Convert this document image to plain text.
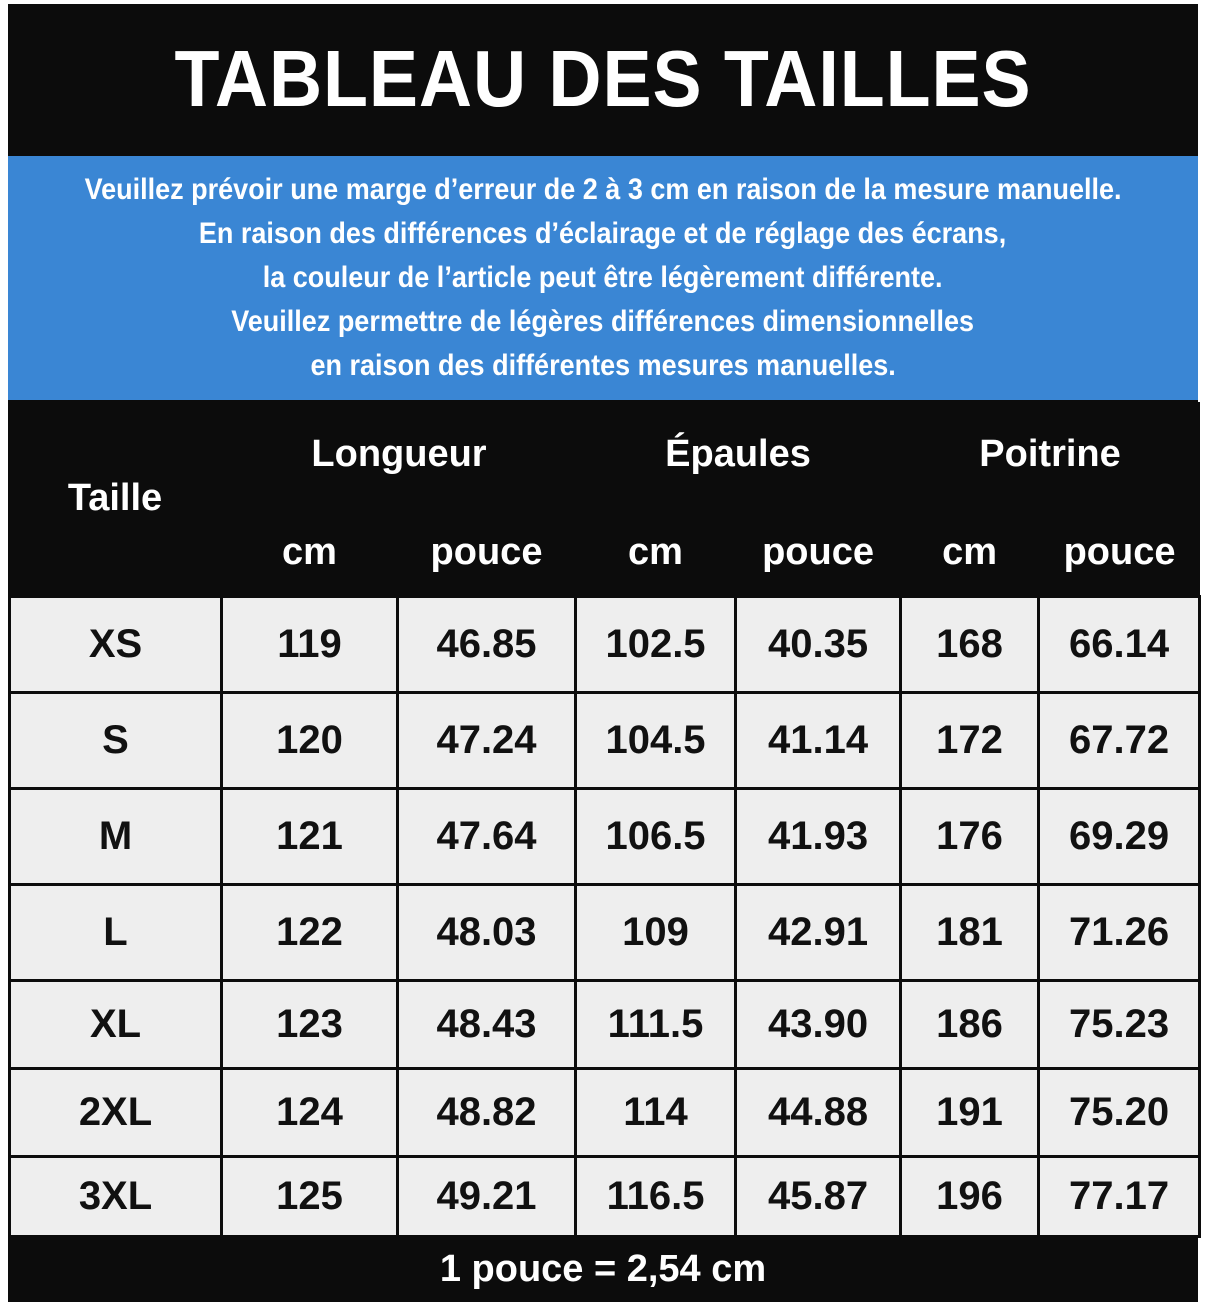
TABLEAU DES TAILLES
Veuillez prévoir une marge d’erreur de 2 à 3 cm en raison de la mesure manuelle.
En raison des différences d’éclairage et de réglage des écrans,
la couleur de l’article peut être légèrement différente.
Veuillez permettre de légères différences dimensionnelles
en raison des différentes mesures manuelles.
Taille	Longueur		Épaules		Poitrine	
	cm	pouce	cm	pouce	cm	pouce
XS	119	46.85	102.5	40.35	168	66.14
S	120	47.24	104.5	41.14	172	67.72
M	121	47.64	106.5	41.93	176	69.29
L	122	48.03	109	42.91	181	71.26
XL	123	48.43	111.5	43.90	186	75.23
2XL	124	48.82	114	44.88	191	75.20
3XL	125	49.21	116.5	45.87	196	77.17
1 pouce = 2,54 cm
